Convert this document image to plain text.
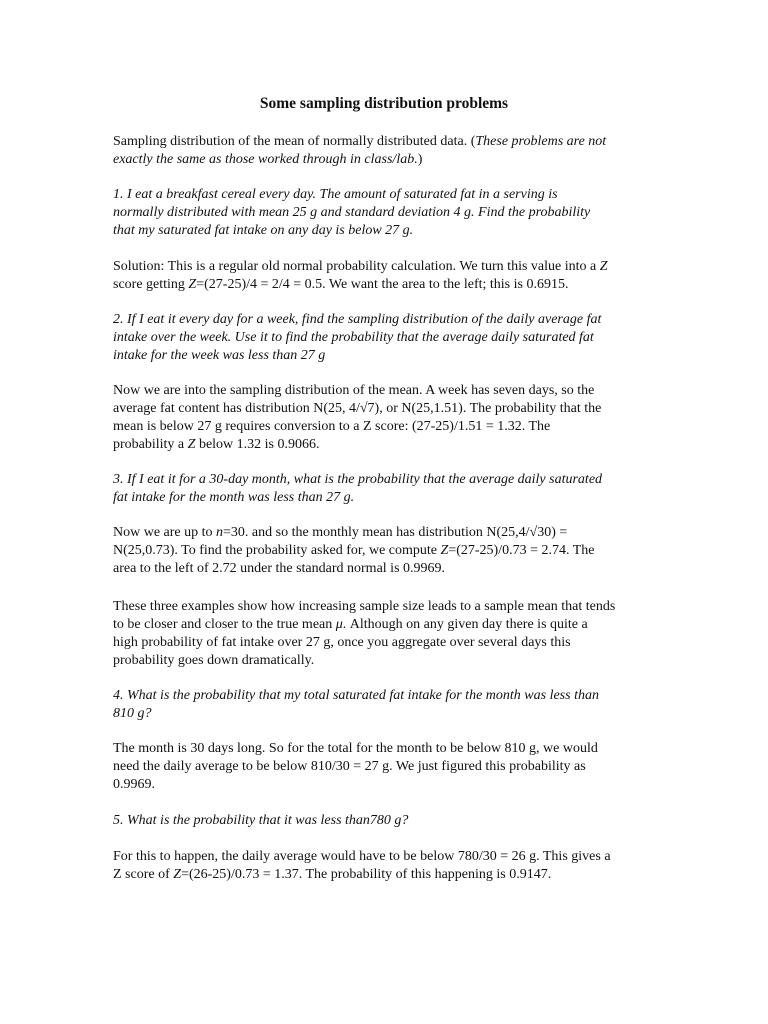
Some sampling distribution problems
Sampling distribution of the mean of normally distributed data. (These problems are not
exactly the same as those worked through in class/lab.)
1. I eat a breakfast cereal every day. The amount of saturated fat in a serving is
normally distributed with mean 25 g and standard deviation 4 g. Find the probability
that my saturated fat intake on any day is below 27 g.
Solution: This is a regular old normal probability calculation. We turn this value into a Z
score getting Z=(27-25)/4 = 2/4 = 0.5. We want the area to the left; this is 0.6915.
2. If I eat it every day for a week, find the sampling distribution of the daily average fat
intake over the week. Use it to find the probability that the average daily saturated fat
intake for the week was less than 27 g
Now we are into the sampling distribution of the mean. A week has seven days, so the
average fat content has distribution N(25, 4/√7), or N(25,1.51). The probability that the
mean is below 27 g requires conversion to a Z score: (27-25)/1.51 = 1.32. The
probability a Z below 1.32 is 0.9066.
3. If I eat it for a 30-day month, what is the probability that the average daily saturated
fat intake for the month was less than 27 g.
Now we are up to n=30. and so the monthly mean has distribution N(25,4/√30) =
N(25,0.73). To find the probability asked for, we compute Z=(27-25)/0.73 = 2.74. The
area to the left of 2.72 under the standard normal is 0.9969.
These three examples show how increasing sample size leads to a sample mean that tends
to be closer and closer to the true mean μ. Although on any given day there is quite a
high probability of fat intake over 27 g, once you aggregate over several days this
probability goes down dramatically.
4. What is the probability that my total saturated fat intake for the month was less than
810 g?
The month is 30 days long. So for the total for the month to be below 810 g, we would
need the daily average to be below 810/30 = 27 g. We just figured this probability as
0.9969.
5. What is the probability that it was less than780 g?
For this to happen, the daily average would have to be below 780/30 = 26 g. This gives a
Z score of Z=(26-25)/0.73 = 1.37. The probability of this happening is 0.9147.
